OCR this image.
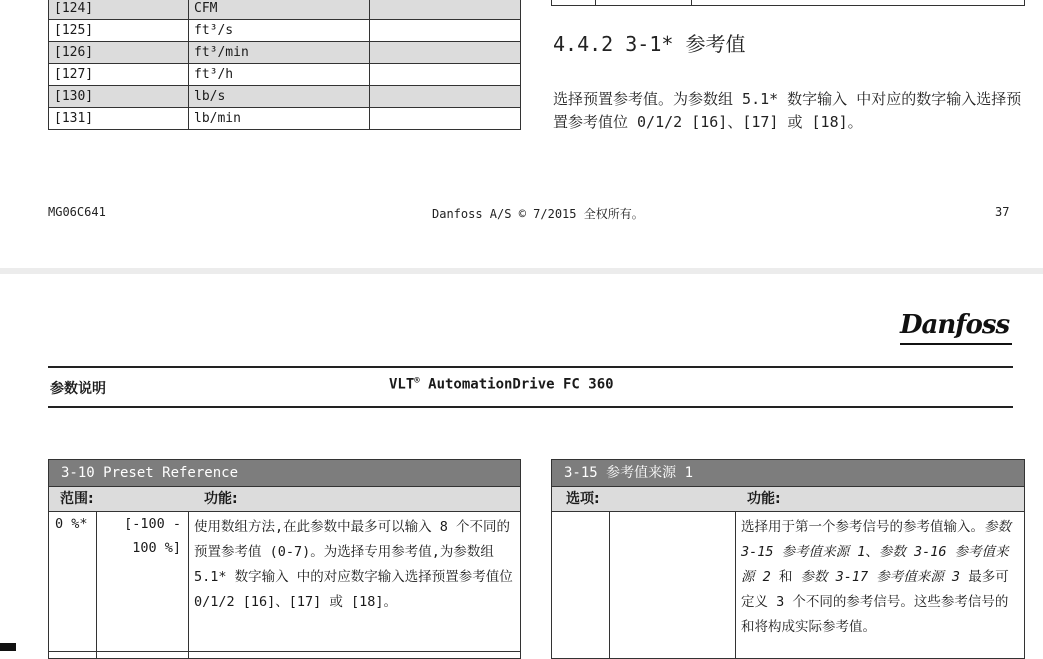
[124]	CFM	
[125]	ft³/s	
[126]	ft³/min	
[127]	ft³/h	
[130]	lb/s	
[131]	lb/min	
4.4.2 3-1* 参考值
选择预置参考值。为参数组 5.1* 数字输入 中对应的数字输入选择预置参考值位 0/1/2 [16]、[17] 或 [18]。
MG06C641	Danfoss A/S © 7/2015 全权所有。	37
Danfoss
参数说明	VLT® AutomationDrive FC 360
3-10 Preset Reference
范围:	功能:
0 %*	[-100 - 100 %]
使用数组方法,在此参数中最多可以输入 8 个不同的预置参考值 (0-7)。为选择专用参考值,为参数组 5.1* 数字输入 中的对应数字输入选择预置参考值位 0/1/2 [16]、[17] 或 [18]。
3-15 参考值来源 1
选项:	功能:
选择用于第一个参考信号的参考值输入。参数 3-15 参考值来源 1、参数 3-16 参考值来源 2 和 参数 3-17 参考值来源 3 最多可定义 3 个不同的参考信号。这些参考信号的和将构成实际参考值。
